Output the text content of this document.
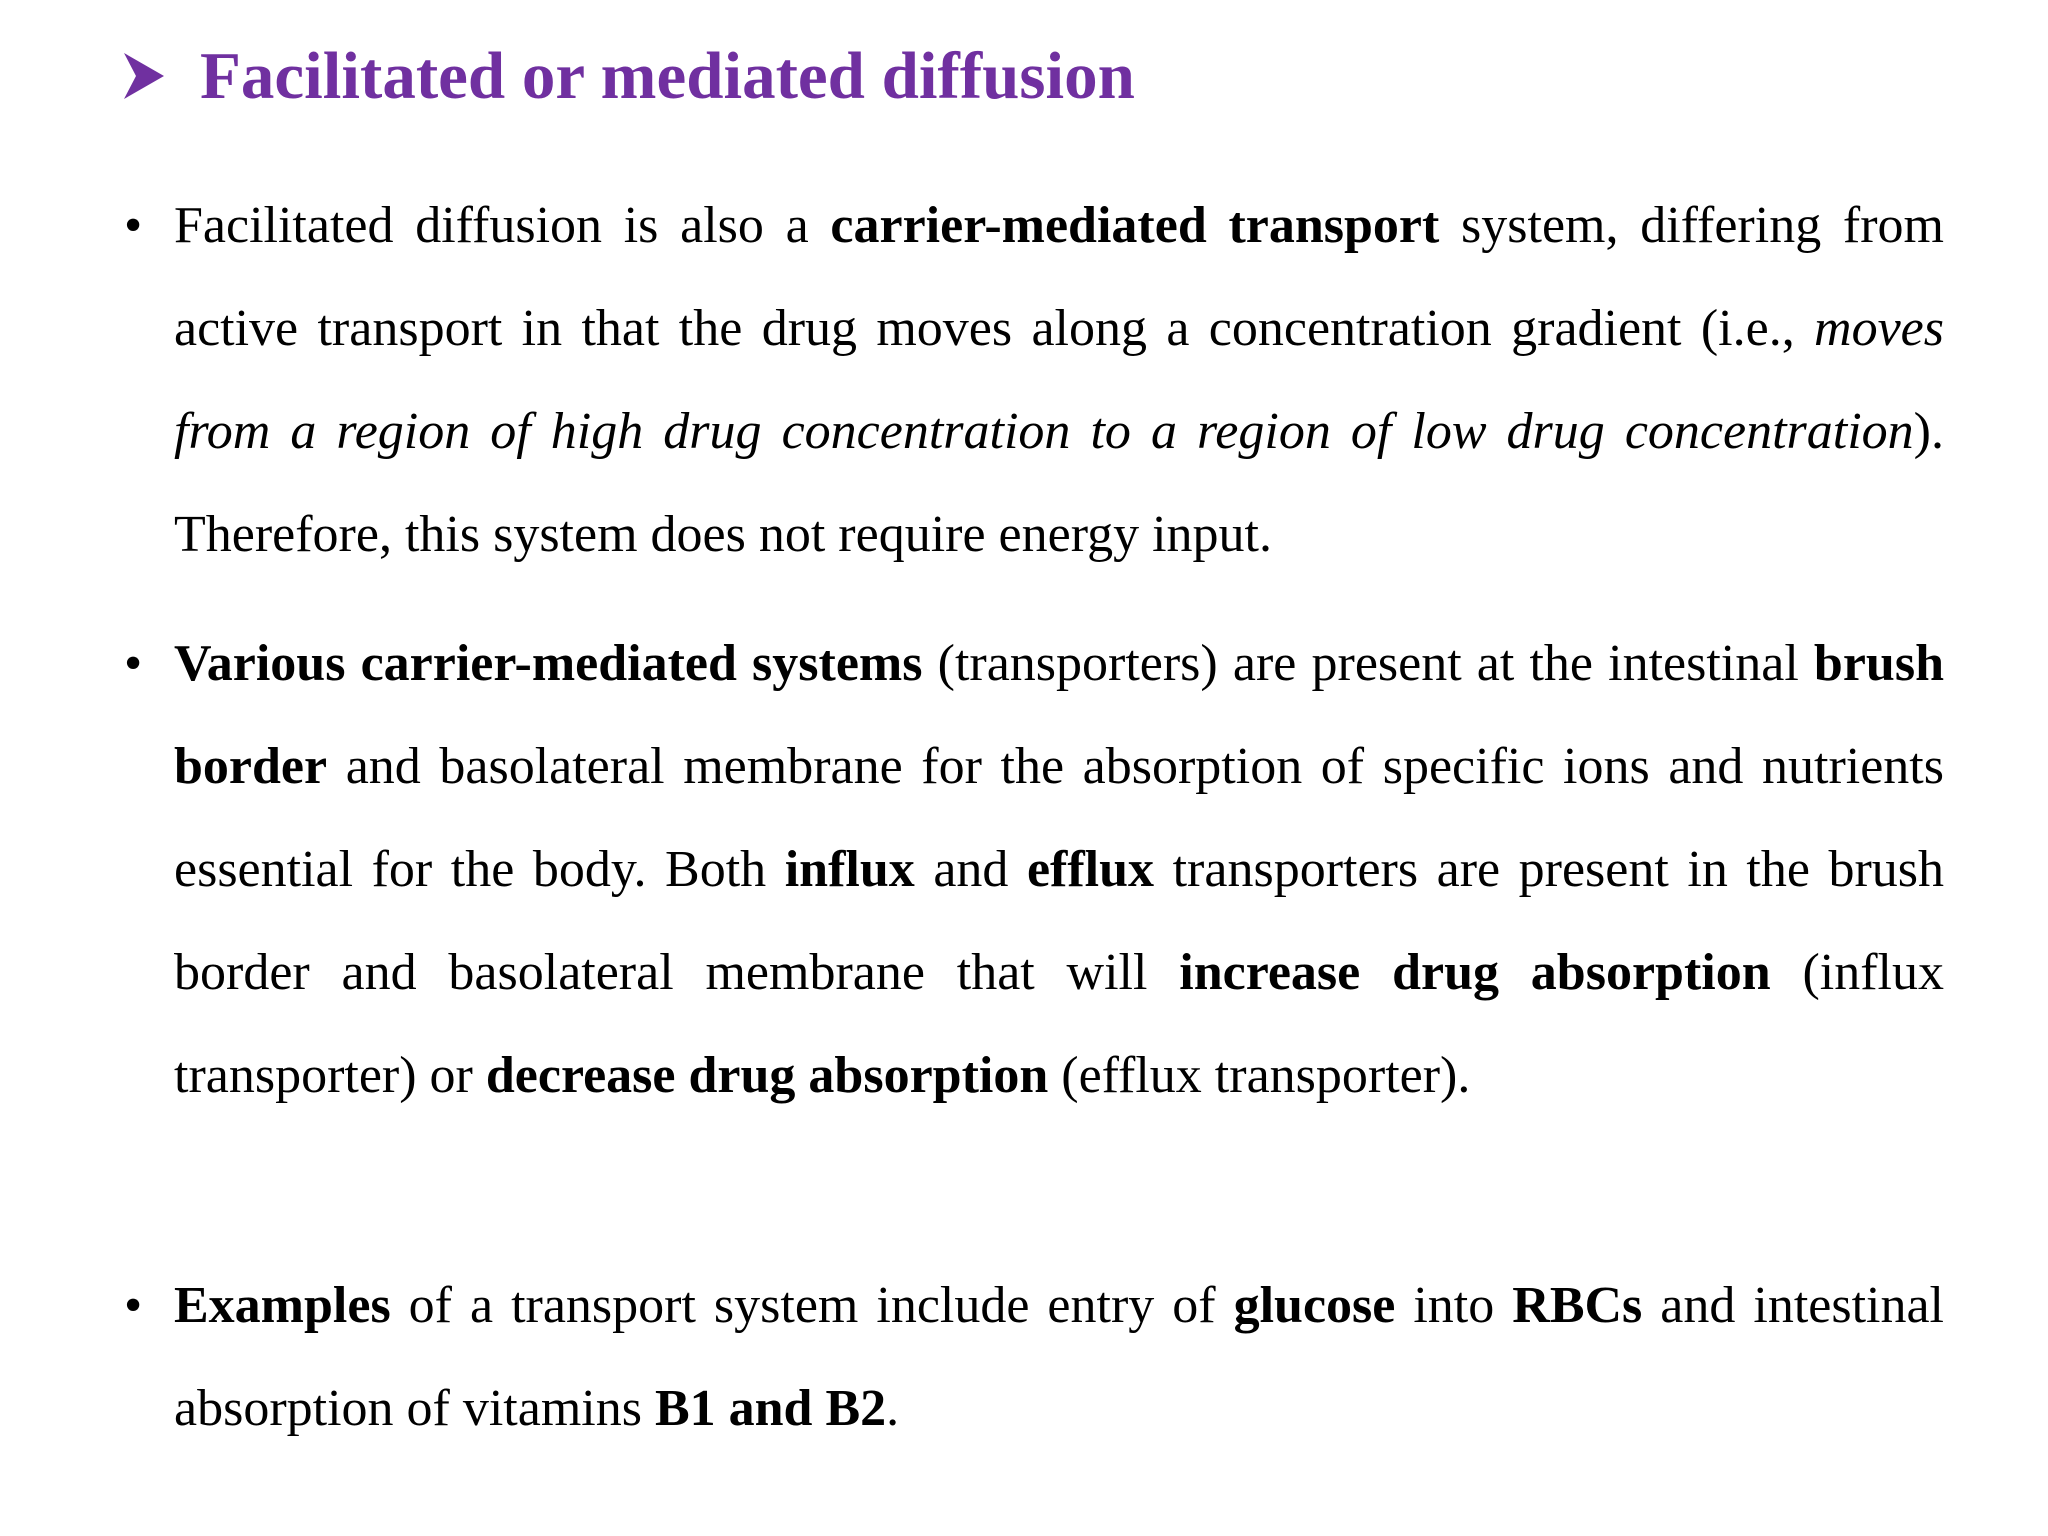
Facilitated or mediated diffusion
• Facilitated diffusion is also a carrier-mediated transport system, differing from active transport in that the drug moves along a concentration gradient (i.e., moves from a region of high drug concentration to a region of low drug concentration). Therefore, this system does not require energy input.

• Various carrier-mediated systems (transporters) are present at the intestinal brush border and basolateral membrane for the absorption of specific ions and nutrients essential for the body. Both influx and efflux transporters are present in the brush border and basolateral membrane that will increase drug absorption (influx transporter) or decrease drug absorption (efflux transporter).

• Examples of a transport system include entry of glucose into RBCs and intestinal absorption of vitamins B1 and B2.
